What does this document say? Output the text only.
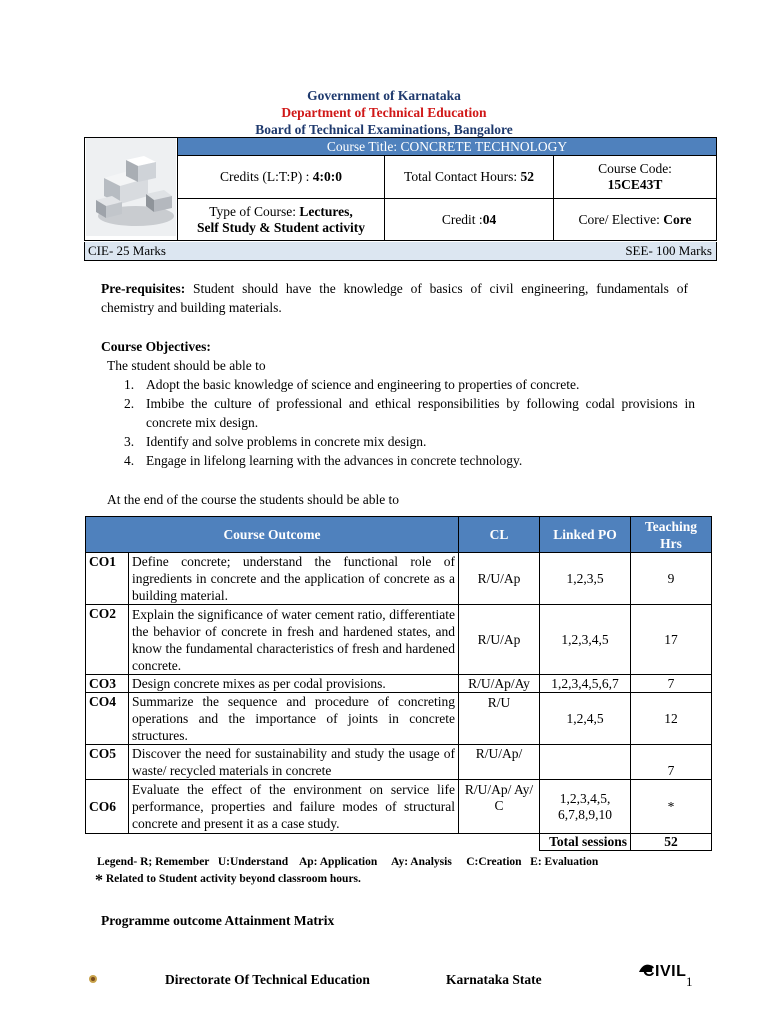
Government of Karnataka
Department of Technical Education
Board of Technical Examinations, Bangalore
	Course Title: CONCRETE TECHNOLOGY		
	Credits (L:T:P) : 4:0:0	Total Contact Hours: 52	Course Code:
15CE43T

	Type of Course: Lectures,
Self Study & Student activity	Credit :04	Core/ Elective: Core
CIE- 25 Marks	SEE- 100 Marks
Pre-requisites: Student should have the knowledge of basics of civil engineering, fundamentals of chemistry and building materials.
Course Objectives:
The student should be able to
1. Adopt the basic knowledge of science and engineering to properties of concrete.
2. Imbibe the culture of professional and ethical responsibilities by following codal provisions in concrete mix design.
3. Identify and solve problems in concrete mix design.
4. Engage in lifelong learning with the advances in concrete technology.
At the end of the course the students should be able to
Course Outcome		CL	Linked PO	Teaching Hrs
CO1	Define concrete; understand the functional role of ingredients in concrete and the application of concrete as a building material.	R/U/Ap	1,2,3,5	9
CO2	Explain the significance of water cement ratio, differentiate the behavior of concrete in fresh and hardened states, and know the fundamental characteristics of fresh and hardened concrete.	R/U/Ap	1,2,3,4,5	17
CO3	Design concrete mixes as per codal provisions.	R/U/Ap/Ay	1,2,3,4,5,6,7	7
CO4	Summarize the sequence and procedure of concreting operations and the importance of joints in concrete structures.	R/U	1,2,4,5	12
CO5	Discover the need for sustainability and study the usage of waste/ recycled materials in concrete	R/U/Ap/		7
CO6	Evaluate the effect of the environment on service life performance, properties and failure modes of structural concrete and present it as a case study.	R/U/Ap/ Ay/ C	1,2,3,4,5, 6,7,8,9,10	*
			Total sessions	52
Legend- R; Remember   U:Understand    Ap: Application     Ay: Analysis     C:Creation   E: Evaluation
* Related to Student activity beyond classroom hours.
Programme outcome Attainment Matrix
Directorate Of Technical Education	Karnataka State	CIVIL
1
